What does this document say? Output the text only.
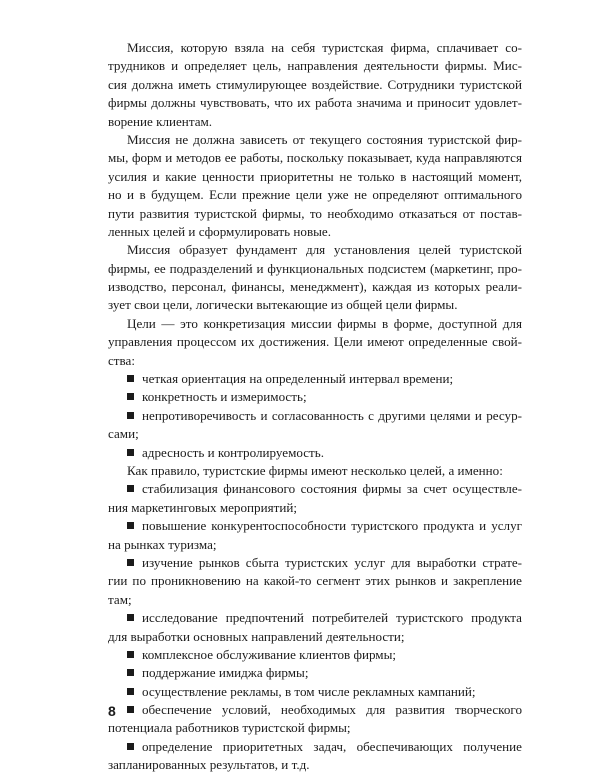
Миссия, которую взяла на себя туристская фирма, сплачивает со-
трудников и определяет цель, направления деятельности фирмы. Мис-
сия должна иметь стимулирующее воздействие. Сотрудники туристской
фирмы должны чувствовать, что их работа значима и приносит удовлет-
ворение клиентам.
Миссия не должна зависеть от текущего состояния туристской фир-
мы, форм и методов ее работы, поскольку показывает, куда направляются
усилия и какие ценности приоритетны не только в настоящий момент,
но и в будущем. Если прежние цели уже не определяют оптимального
пути развития туристской фирмы, то необходимо отказаться от постав-
ленных целей и сформулировать новые.
Миссия образует фундамент для установления целей туристской
фирмы, ее подразделений и функциональных подсистем (маркетинг, про-
изводство, персонал, финансы, менеджмент), каждая из которых реали-
зует свои цели, логически вытекающие из общей цели фирмы.
Цели — это конкретизация миссии фирмы в форме, доступной для
управления процессом их достижения. Цели имеют определенные свой-
ства:
четкая ориентация на определенный интервал времени;
конкретность и измеримость;
непротиворечивость и согласованность с другими целями и ресур-
сами;
адресность и контролируемость.
Как правило, туристские фирмы имеют несколько целей, а именно:
стабилизация финансового состояния фирмы за счет осуществле-
ния маркетинговых мероприятий;
повышение конкурентоспособности туристского продукта и услуг
на рынках туризма;
изучение рынков сбыта туристских услуг для выработки страте-
гии по проникновению на какой-то сегмент этих рынков и закрепление
там;
исследование предпочтений потребителей туристского продукта
для выработки основных направлений деятельности;
комплексное обслуживание клиентов фирмы;
поддержание имиджа фирмы;
осуществление рекламы, в том числе рекламных кампаний;
обеспечение условий, необходимых для развития творческого
потенциала работников туристской фирмы;
определение приоритетных задач, обеспечивающих получение
запланированных результатов, и т.д.
8
